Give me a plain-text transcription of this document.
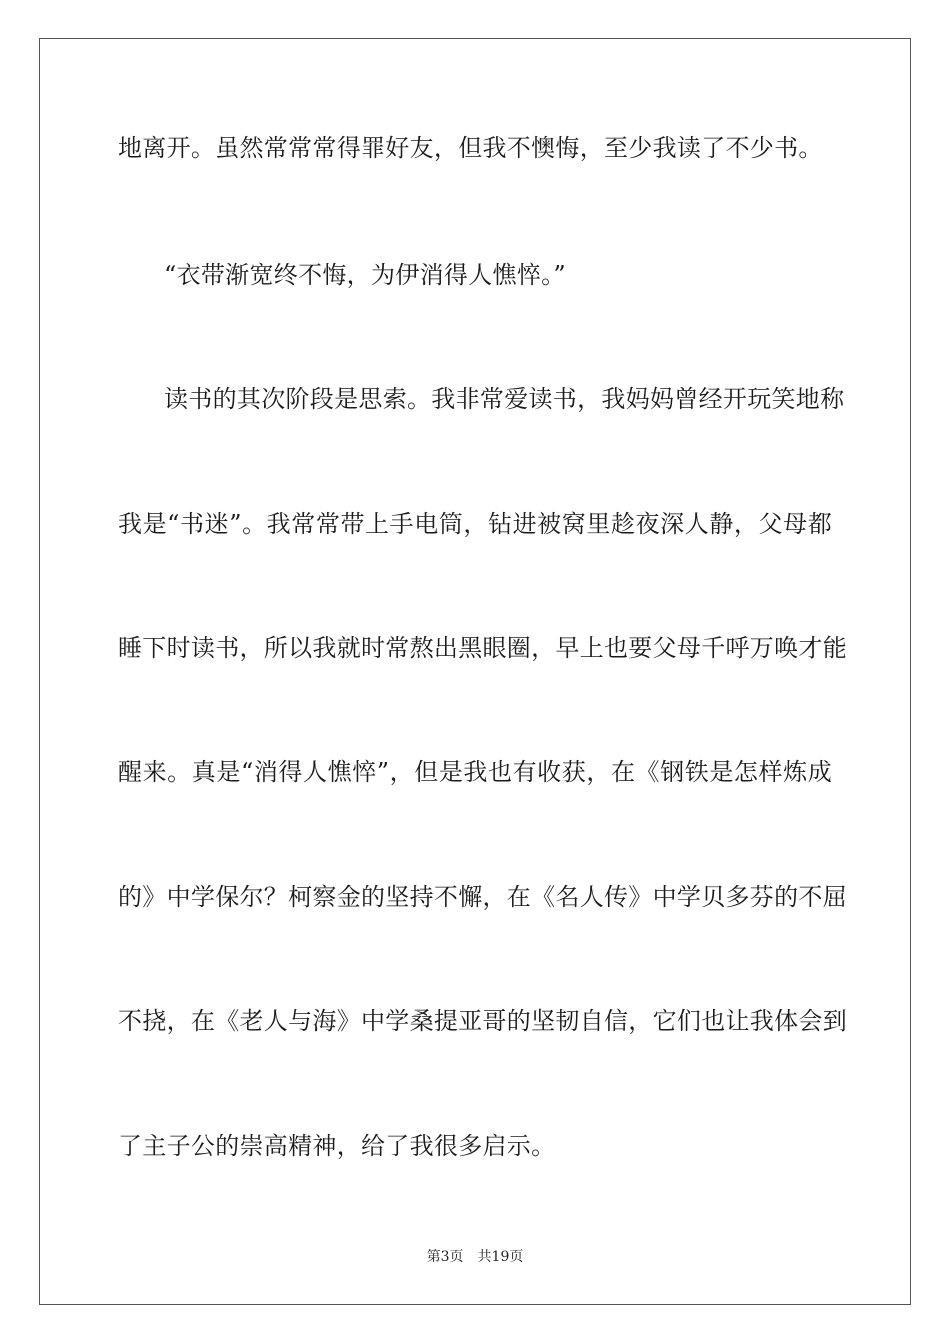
地离开。虽然常常常得罪好友，但我不懊悔，至少我读了不少书。
“衣带渐宽终不悔，为伊消得人憔悴。”
读书的其次阶段是思索。我非常爱读书，我妈妈曾经开玩笑地称
我是“书迷”。我常常带上手电筒，钻进被窝里趁夜深人静，父母都
睡下时读书，所以我就时常熬出黑眼圈，早上也要父母千呼万唤才能
醒来。真是“消得人憔悴”，但是我也有收获，在《钢铁是怎样炼成
的》中学保尔？柯察金的坚持不懈，在《名人传》中学贝多芬的不屈
不挠，在《老人与海》中学桑提亚哥的坚韧自信，它们也让我体会到
了主子公的崇高精神，给了我很多启示。
第3页 共19页
